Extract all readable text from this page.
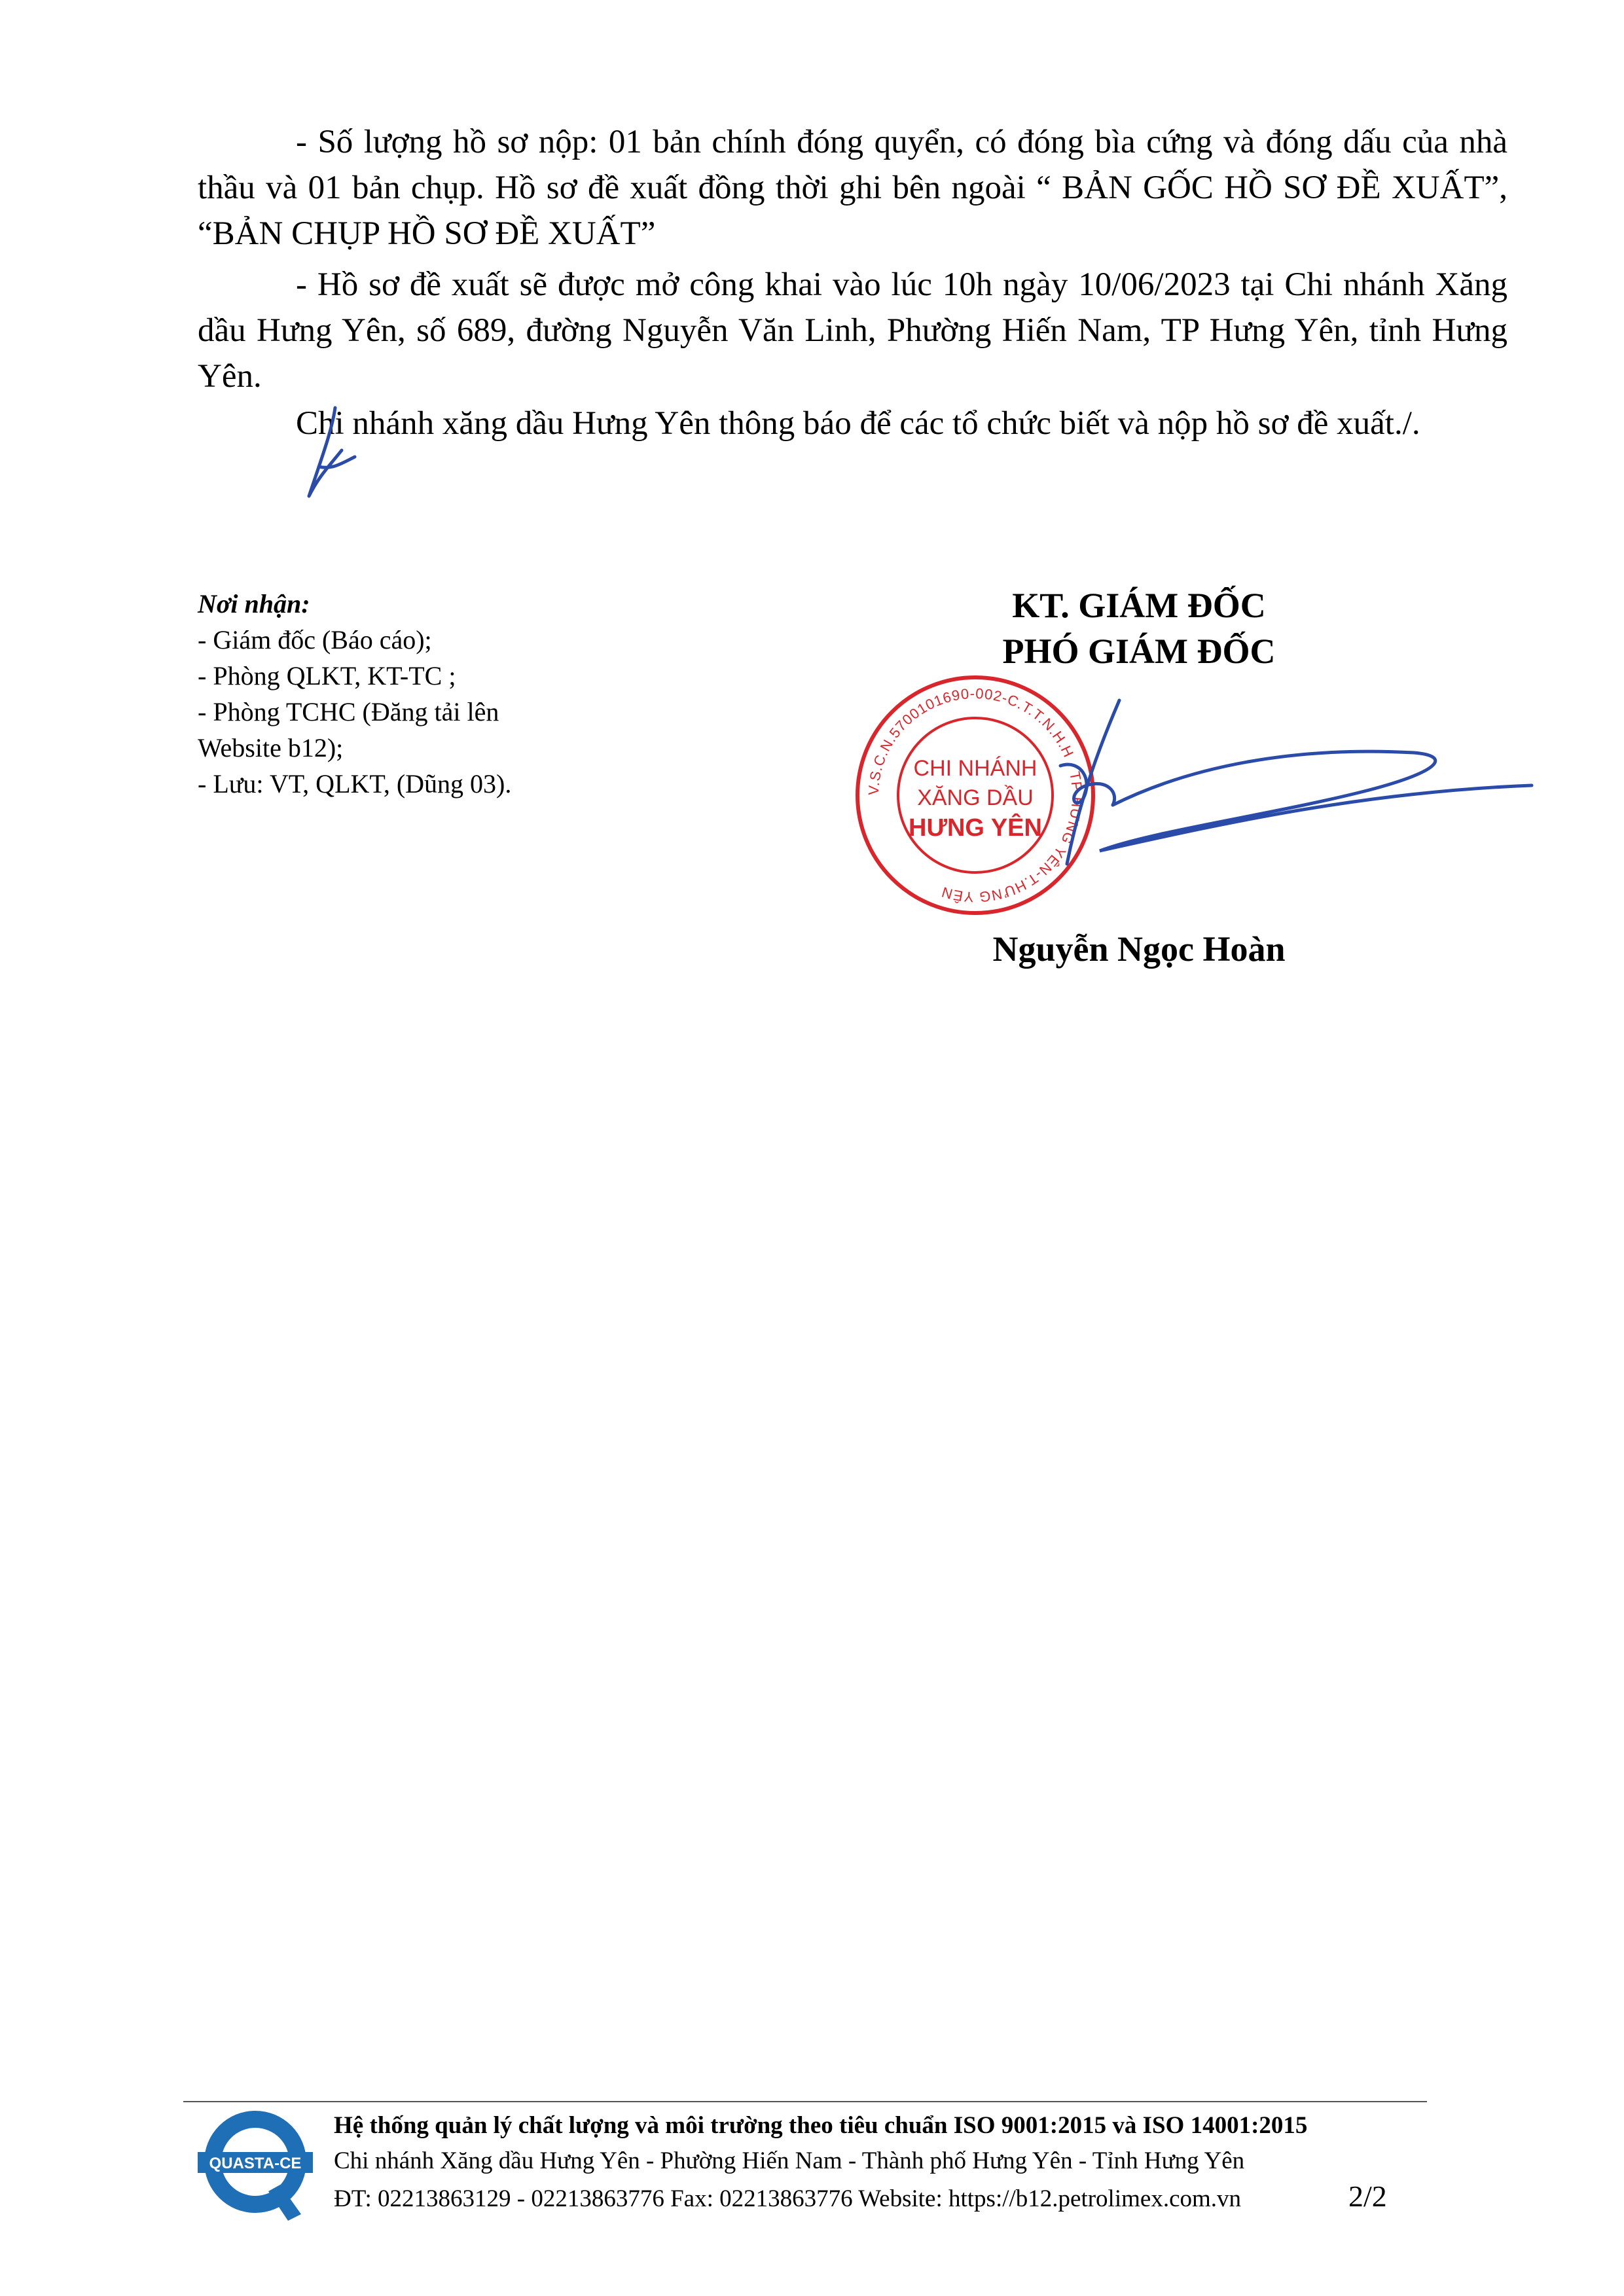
- Số lượng hồ sơ nộp: 01 bản chính đóng quyển, có đóng bìa cứng và đóng dấu của nhà thầu và 01 bản chụp. Hồ sơ đề xuất đồng thời ghi bên ngoài “ BẢN GỐC HỒ SƠ ĐỀ XUẤT”, “BẢN CHỤP HỒ SƠ ĐỀ XUẤT”

- Hồ sơ đề xuất sẽ được mở công khai vào lúc 10h ngày 10/06/2023 tại Chi nhánh Xăng dầu Hưng Yên, số 689, đường Nguyễn Văn Linh, Phường Hiến Nam, TP Hưng Yên, tỉnh Hưng Yên.

Chi nhánh xăng dầu Hưng Yên thông báo để các tổ chức biết và nộp hồ sơ đề xuất./.

Nơi nhận:
- Giám đốc (Báo cáo);
- Phòng QLKT, KT-TC ;
- Phòng TCHC (Đăng tải lên
Website b12);
- Lưu: VT, QLKT, (Dũng 03).
KT. GIÁM ĐỐC
PHÓ GIÁM ĐỐC
V.S.C.N.5700101690-002-C.T.T.N.H.H · TP HƯNG YÊN-T.HƯNG YÊN
CHI NHÁNH
XĂNG DẦU
HƯNG YÊN
Nguyễn Ngọc Hoàn
QUASTA-CE
Hệ thống quản lý chất lượng và môi trường theo tiêu chuẩn ISO 9001:2015 và ISO 14001:2015
Chi nhánh Xăng dầu Hưng Yên - Phường Hiến Nam - Thành phố Hưng Yên - Tỉnh Hưng Yên
ĐT: 02213863129 - 02213863776 Fax: 02213863776 Website: https://b12.petrolimex.com.vn	2/2
